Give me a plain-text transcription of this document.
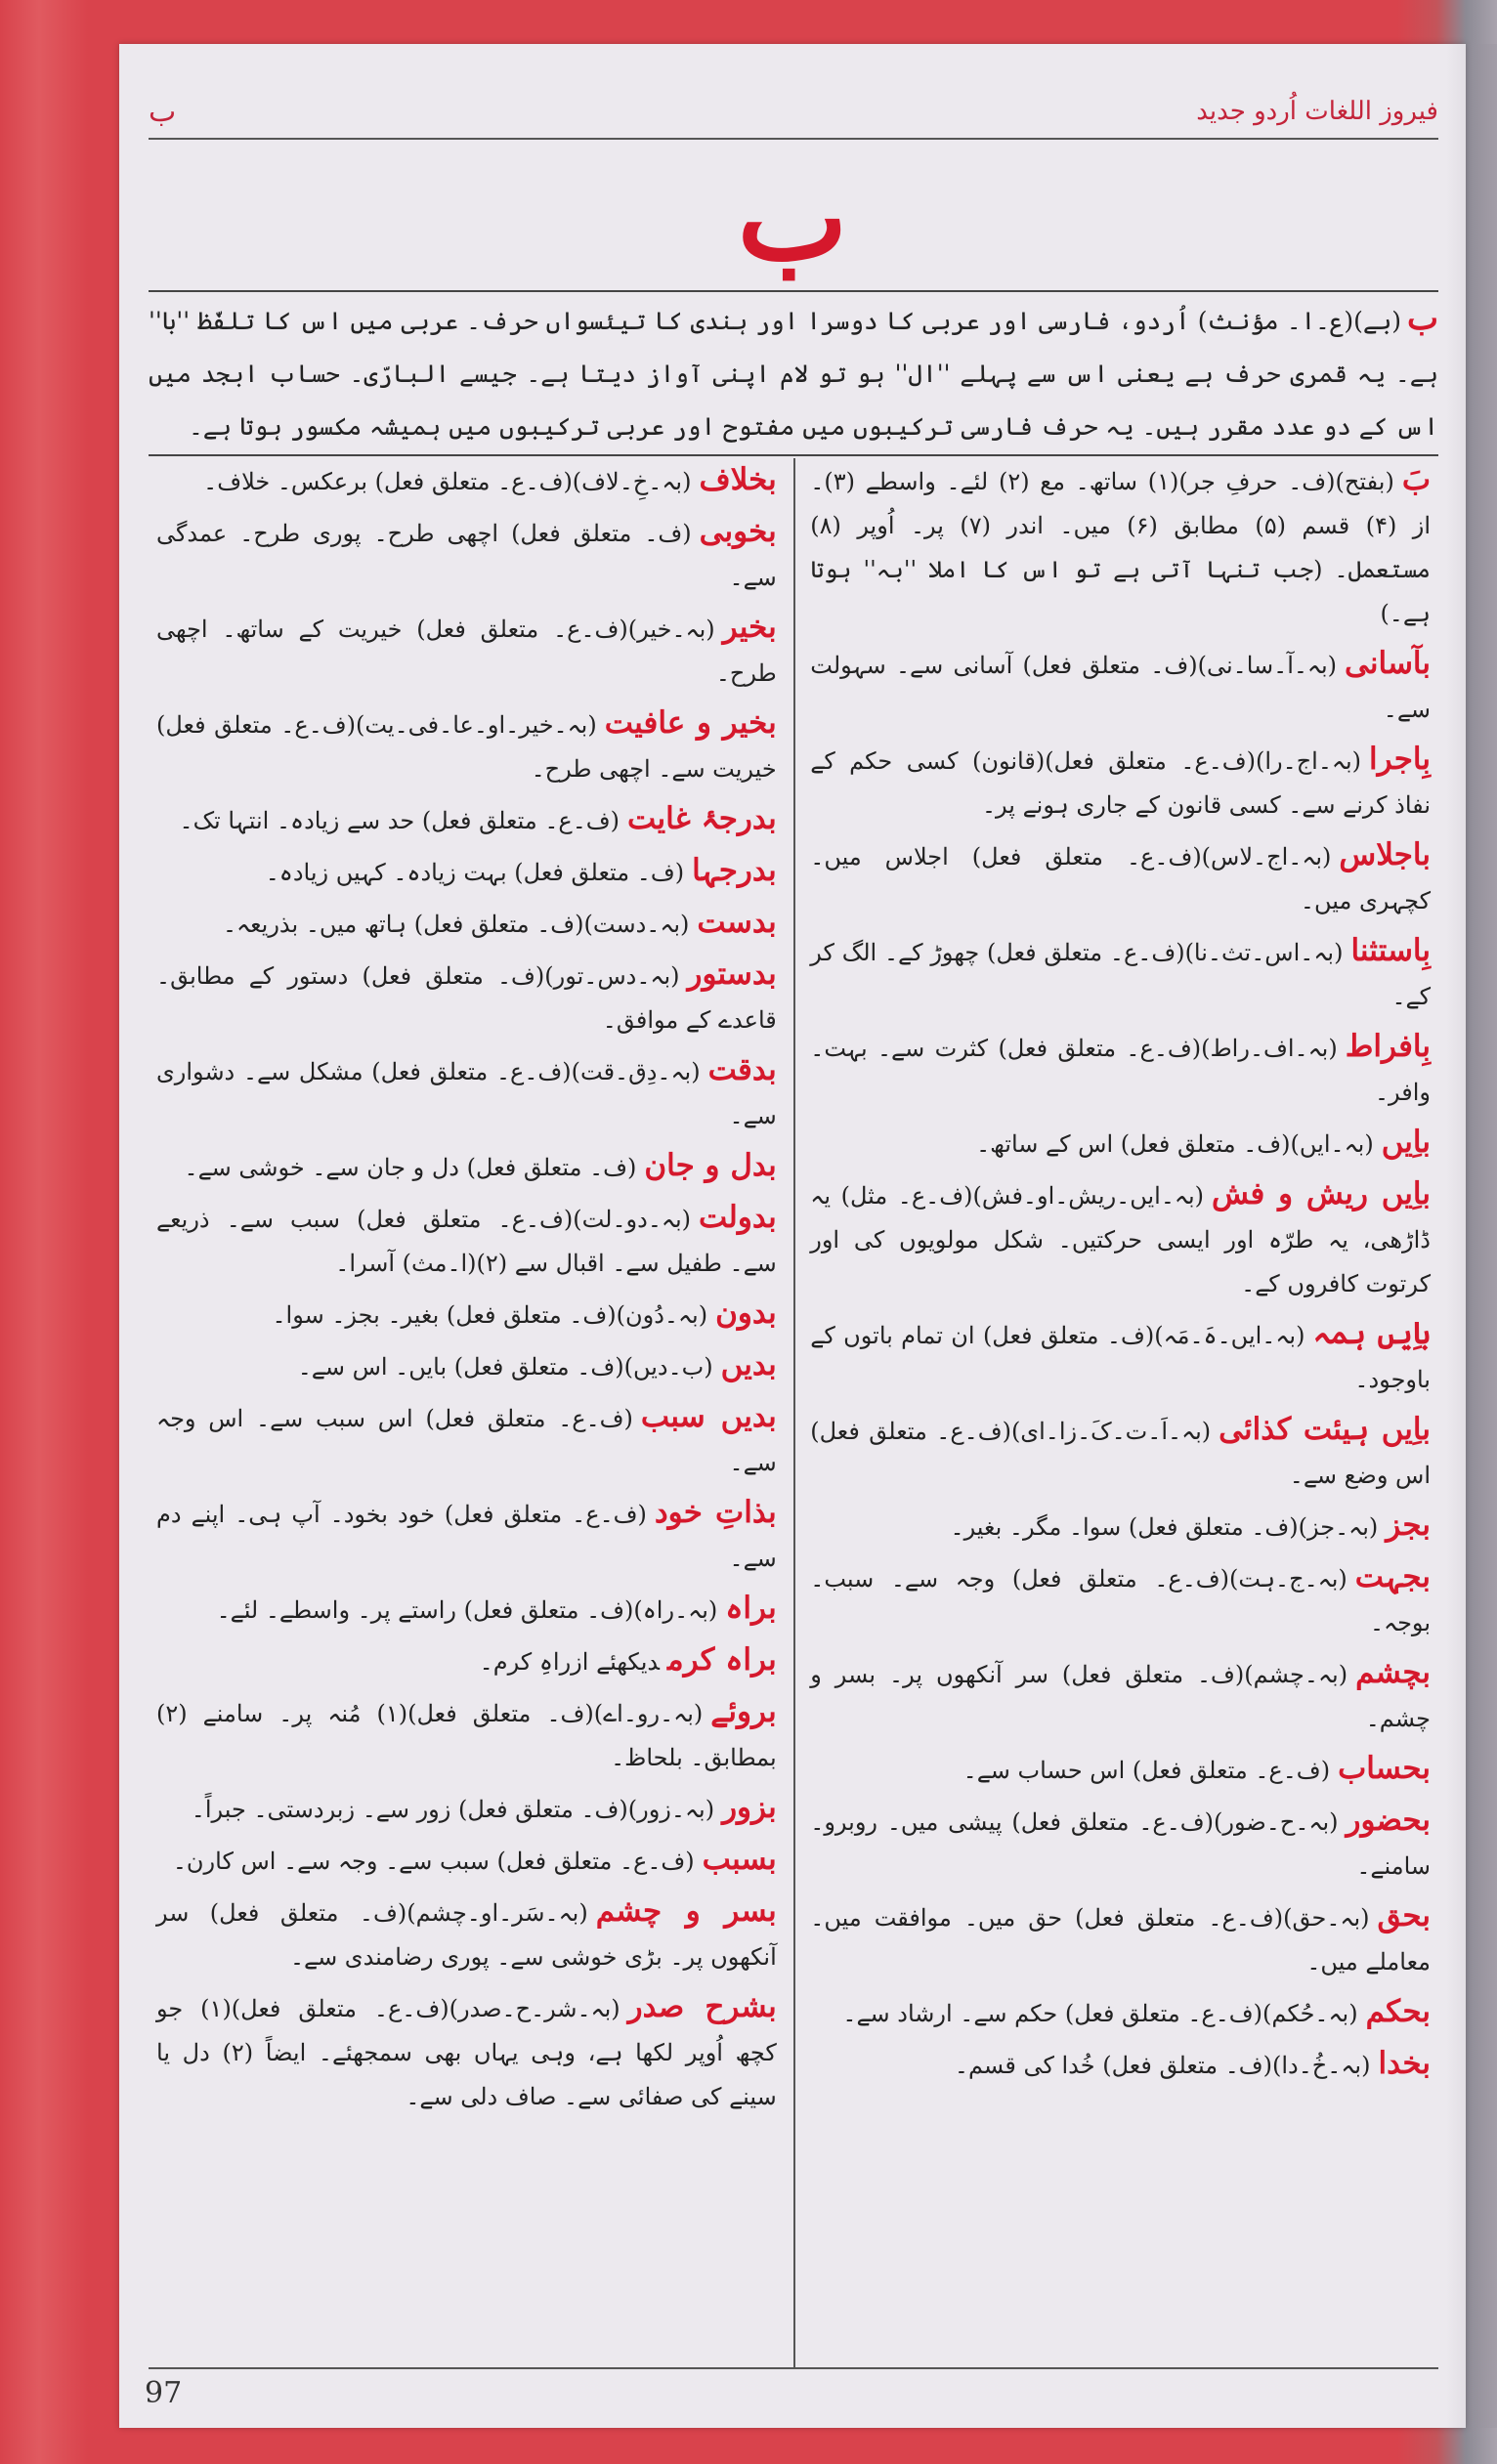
فیروز اللغات اُردو جدید
ب
ب

ب(بے)(ع۔ا۔ مؤنث) اُردو، فارسی اور عربی کا دوسرا اور ہندی کا تیئسواں حرف۔ عربی میں اس کا تلفّظ ''با'' ہے۔ یہ قمری حرف ہے یعنی اس سے پہلے ''ال'' ہو تو لام اپنی آواز دیتا ہے۔ جیسے البارّی۔ حساب ابجد میں اس کے دو عدد مقرر ہیں۔ یہ حرف فارسی ترکیبوں میں مفتوح اور عربی ترکیبوں میں ہمیشہ مکسور ہوتا ہے۔

بَ(بفتح)(ف۔ حرفِ جر)(۱) ساتھ۔ مع (۲) لئے۔ واسطے (۳)۔ از (۴) قسم (۵) مطابق (۶) میں۔ اندر (۷) پر۔ اُوپر (۸) مستعمل۔ (جب تنہا آتی ہے تو اس کا املا ''بہ'' ہوتا ہے۔)

بآسانی(بہ۔آ۔سا۔نی)(ف۔ متعلق فعل) آسانی سے۔ سہولت سے۔

بِاجرا(بہ۔اج۔را)(ف۔ع۔ متعلق فعل)(قانون) کسی حکم کے نفاذ کرنے سے۔ کسی قانون کے جاری ہونے پر۔

باجلاس(بہ۔اج۔لاس)(ف۔ع۔ متعلق فعل) اجلاس میں۔ کچہری میں۔

بِاستثنا(بہ۔اس۔تث۔نا)(ف۔ع۔ متعلق فعل) چھوڑ کے۔ الگ کر کے۔

بِافراط(بہ۔اف۔راط)(ف۔ع۔ متعلق فعل) کثرت سے۔ بہت۔ وافر۔

باِیں(بہ۔ایں)(ف۔ متعلق فعل) اس کے ساتھ۔

باِیں ریش و فش(بہ۔ایں۔ریش۔او۔فش)(ف۔ع۔ مثل) یہ ڈاڑھی، یہ طرّہ اور ایسی حرکتیں۔ شکل مولویوں کی اور کرتوت کافروں کے۔

باِیں ہمہ(بہ۔ایں۔ہَ۔مَہ)(ف۔ متعلق فعل) ان تمام باتوں کے باوجود۔

باِیں ہیئت کذائی(بہ۔اَ۔ت۔کَ۔زا۔ای)(ف۔ع۔ متعلق فعل) اس وضع سے۔

بجز(بہ۔جز)(ف۔ متعلق فعل) سوا۔ مگر۔ بغیر۔

بجہت(بہ۔ج۔ہت)(ف۔ع۔ متعلق فعل) وجہ سے۔ سبب۔ بوجہ۔

بچشم(بہ۔چشم)(ف۔ متعلق فعل) سر آنکھوں پر۔ بسر و چشم۔

بحساب(ف۔ع۔ متعلق فعل) اس حساب سے۔

بحضور(بہ۔ح۔ضور)(ف۔ع۔ متعلق فعل) پیشی میں۔ روبرو۔ سامنے۔

بحق(بہ۔حق)(ف۔ع۔ متعلق فعل) حق میں۔ موافقت میں۔ معاملے میں۔

بحکم(بہ۔حُکم)(ف۔ع۔ متعلق فعل) حکم سے۔ ارشاد سے۔

بخدا(بہ۔خُ۔دا)(ف۔ متعلق فعل) خُدا کی قسم۔

بخلاف(بہ۔خِ۔لاف)(ف۔ع۔ متعلق فعل) برعکس۔ خلاف۔

بخوبی(ف۔ متعلق فعل) اچھی طرح۔ پوری طرح۔ عمدگی سے۔

بخیر(بہ۔خیر)(ف۔ع۔ متعلق فعل) خیریت کے ساتھ۔ اچھی طرح۔

بخیر و عافیت(بہ۔خیر۔او۔عا۔فی۔یت)(ف۔ع۔ متعلق فعل) خیریت سے۔ اچھی طرح۔

بدرجۂ غایت(ف۔ع۔ متعلق فعل) حد سے زیادہ۔ انتہا تک۔

بدرجہا(ف۔ متعلق فعل) بہت زیادہ۔ کہیں زیادہ۔

بدست(بہ۔دست)(ف۔ متعلق فعل) ہاتھ میں۔ بذریعہ۔

بدستور(بہ۔دس۔تور)(ف۔ متعلق فعل) دستور کے مطابق۔ قاعدے کے موافق۔

بدقت(بہ۔دِق۔قت)(ف۔ع۔ متعلق فعل) مشکل سے۔ دشواری سے۔

بدل و جان(ف۔ متعلق فعل) دل و جان سے۔ خوشی سے۔

بدولت(بہ۔دو۔لت)(ف۔ع۔ متعلق فعل) سبب سے۔ ذریعے سے۔ طفیل سے۔ اقبال سے (۲)(ا۔مث) آسرا۔

بدون(بہ۔دُون)(ف۔ متعلق فعل) بغیر۔ بجز۔ سوا۔

بدیں(ب۔دیں)(ف۔ متعلق فعل) بایں۔ اس سے۔

بدیں سبب(ف۔ع۔ متعلق فعل) اس سبب سے۔ اس وجہ سے۔

بذاتِ خود(ف۔ع۔ متعلق فعل) خود بخود۔ آپ ہی۔ اپنے دم سے۔

براہ(بہ۔راہ)(ف۔ متعلق فعل) راستے پر۔ واسطے۔ لئے۔

براہ کرمدیکھئے ازراہِ کرم۔

بروئے(بہ۔رو۔اے)(ف۔ متعلق فعل)(۱) مُنہ پر۔ سامنے (۲) بمطابق۔ بلحاظ۔

بزور(بہ۔زور)(ف۔ متعلق فعل) زور سے۔ زبردستی۔ جبراً۔

بسبب(ف۔ع۔ متعلق فعل) سبب سے۔ وجہ سے۔ اس کارن۔

بسر و چشم(بہ۔سَر۔او۔چشم)(ف۔ متعلق فعل) سر آنکھوں پر۔ بڑی خوشی سے۔ پوری رضامندی سے۔

بشرح صدر(بہ۔شر۔ح۔صدر)(ف۔ع۔ متعلق فعل)(۱) جو کچھ اُوپر لکھا ہے، وہی یہاں بھی سمجھئے۔ ایضاً (۲) دل یا سینے کی صفائی سے۔ صاف دلی سے۔

97
